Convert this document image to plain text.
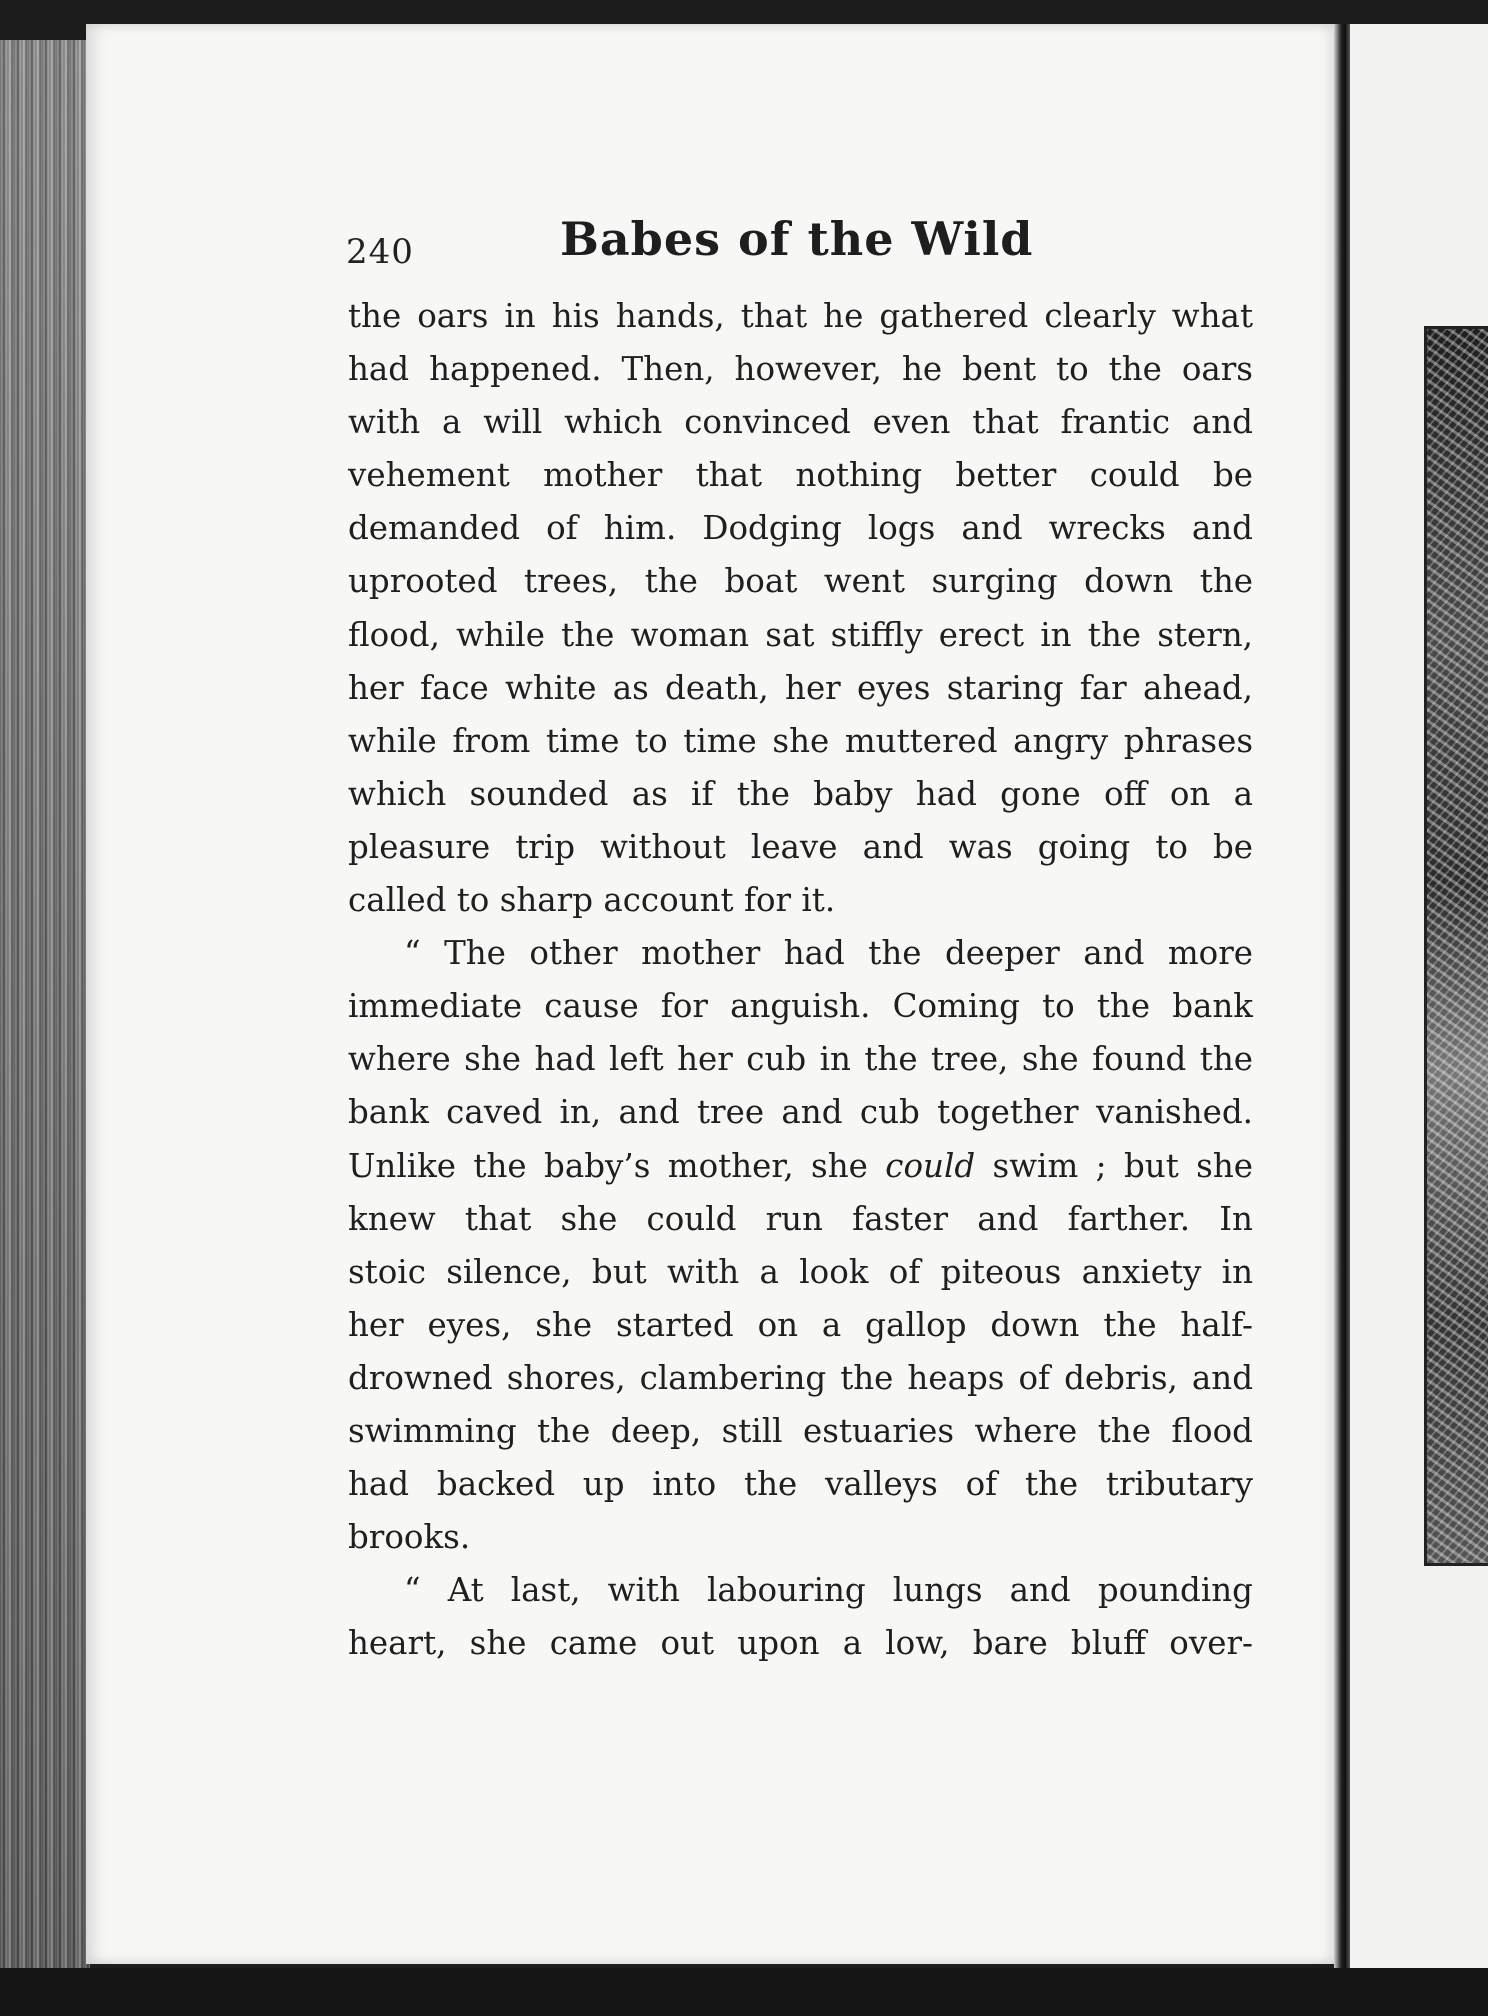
240	Babes of the Wild

the oars in his hands, that he gathered clearly what
had happened. Then, however, he bent to the oars
with a will which convinced even that frantic and
vehement mother that nothing better could be
demanded of him. Dodging logs and wrecks and
uprooted trees, the boat went surging down the
flood, while the woman sat stiffly erect in the stern,
her face white as death, her eyes staring far ahead,
while from time to time she muttered angry phrases
which sounded as if the baby had gone off on a
pleasure trip without leave and was going to be
called to sharp account for it.

“ The other mother had the deeper and more
immediate cause for anguish. Coming to the bank
where she had left her cub in the tree, she found the
bank caved in, and tree and cub together vanished.
Unlike the baby’s mother, she could swim ; but she
knew that she could run faster and farther. In
stoic silence, but with a look of piteous anxiety in
her eyes, she started on a gallop down the half-
drowned shores, clambering the heaps of debris, and
swimming the deep, still estuaries where the flood
had backed up into the valleys of the tributary
brooks.

“ At last, with labouring lungs and pounding
heart, she came out upon a low, bare bluff over-
